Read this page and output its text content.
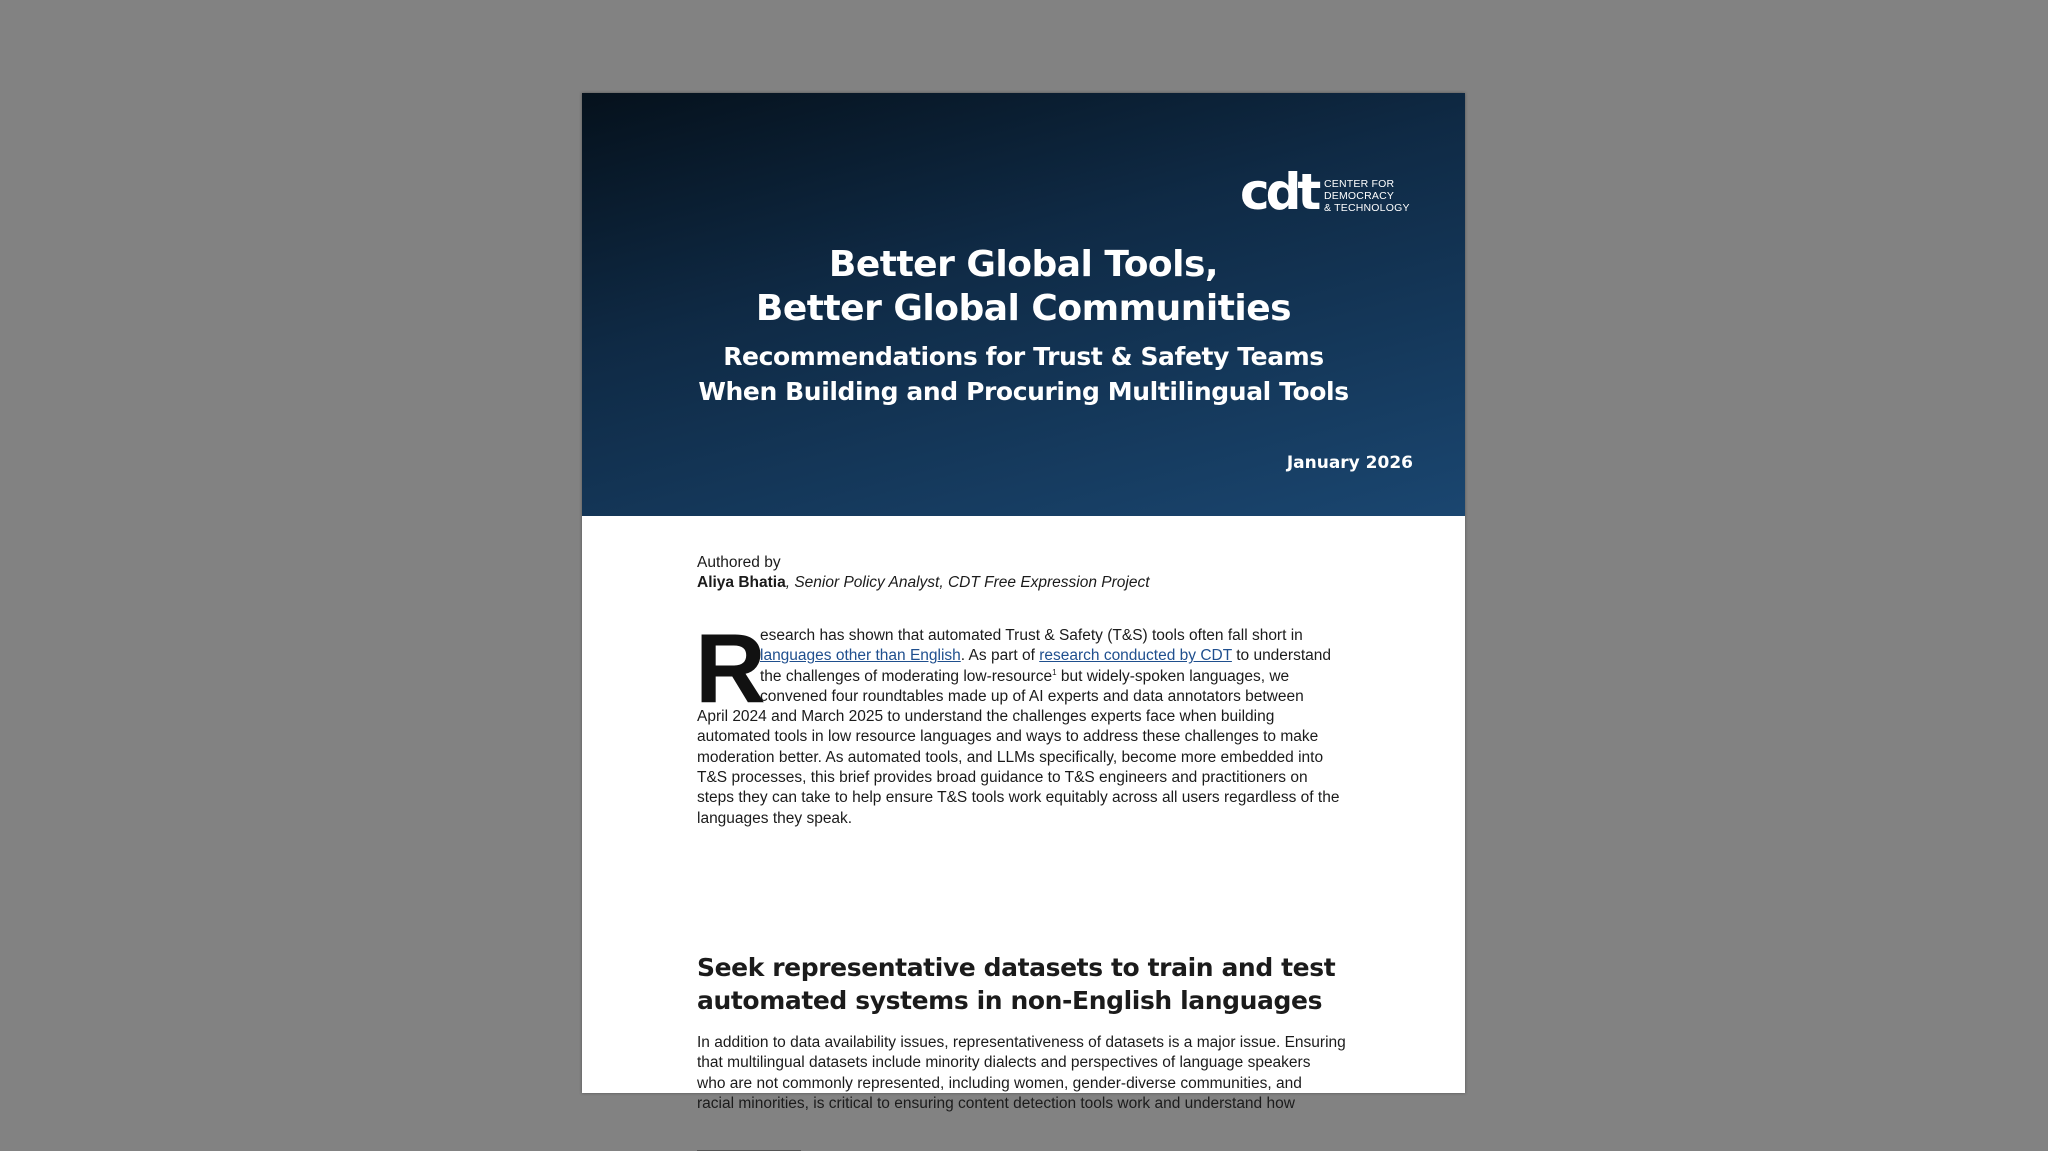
cdt CENTER FOR
DEMOCRACY
& TECHNOLOGY
Better Global Tools,
Better Global Communities
Recommendations for Trust & Safety Teams
When Building and Procuring Multilingual Tools
January 2026
Authored by
Aliya Bhatia, Senior Policy Analyst, CDT Free Expression Project
R
esearch has shown that automated Trust & Safety (T&S) tools often fall short in
languages other than English. As part of research conducted by CDT to understand
the challenges of moderating low-resource$^1$ but widely-spoken languages, we
convened four roundtables made up of AI experts and data annotators between
April 2024 and March 2025 to understand the challenges experts face when building
automated tools in low resource languages and ways to address these challenges to make
moderation better. As automated tools, and LLMs specifically, become more embedded into
T&S processes, this brief provides broad guidance to T&S engineers and practitioners on
steps they can take to help ensure T&S tools work equitably across all users regardless of the
languages they speak.
Seek representative datasets to train and test
automated systems in non-English languages
In addition to data availability issues, representativeness of datasets is a major issue. Ensuring
that multilingual datasets include minority dialects and perspectives of language speakers
who are not commonly represented, including women, gender-diverse communities, and
racial minorities, is critical to ensuring content detection tools work and understand how
